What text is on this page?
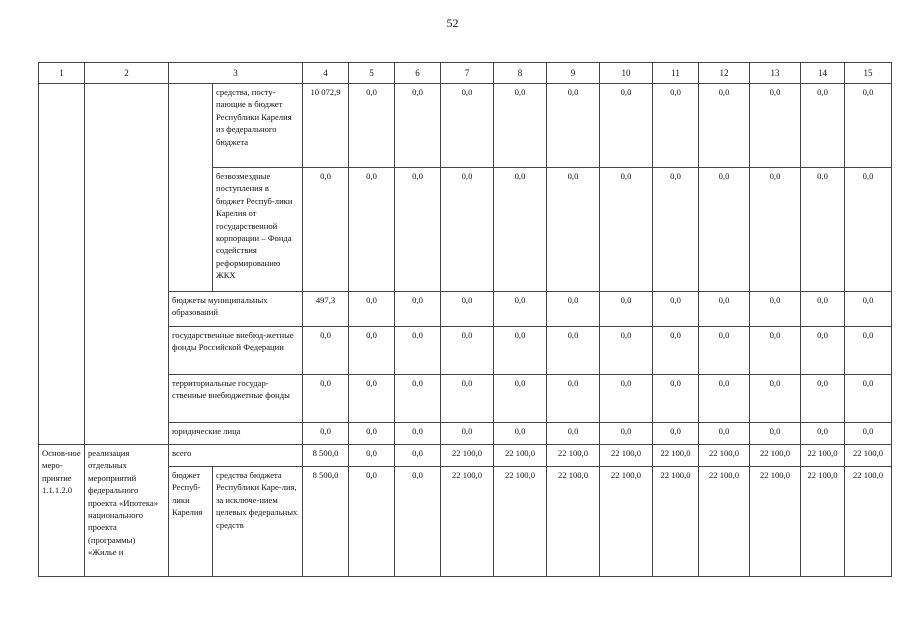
52
1	2	3		4	5	6	7	8	9	10	11	12	13	14	15
			средства, посту-пающие в бюджет Республики Карелия из федерального бюджета	10 072,9	0,0	0,0	0,0	0,0	0,0	0,0	0,0	0,0	0,0	0,0	0,0
			безвозмездные поступления в бюджет Респуб-лики Карелия от государственной корпорации – Фонда содействия реформированию ЖКХ	0,0	0,0	0,0	0,0	0,0	0,0	0,0	0,0	0,0	0,0	0,0	0,0
		бюджеты муниципальных образований		497,3	0,0	0,0	0,0	0,0	0,0	0,0	0,0	0,0	0,0	0,0	0,0
		государственные внебюд-жетные фонды Российской Федерации		0,0	0,0	0,0	0,0	0,0	0,0	0,0	0,0	0,0	0,0	0,0	0,0
		территориальные государ-ственные внебюджетные фонды		0,0	0,0	0,0	0,0	0,0	0,0	0,0	0,0	0,0	0,0	0,0	0,0
		юридические лица		0,0	0,0	0,0	0,0	0,0	0,0	0,0	0,0	0,0	0,0	0,0	0,0
Основ-ное меро-приятие 1.1.1.2.0	реализация отдельных мероприятий федерального проекта «Ипотека» национального проекта (программы) «Жилье и	всего		8 500,0	0,0	0,0	22 100,0	22 100,0	22 100,0	22 100,0	22 100,0	22 100,0	22 100,0	22 100,0	22 100,0
		бюджет Респуб-лики Карелия	средства бюджета Республики Каре-лия, за исключе-нием целевых федеральных средств	8 500,0	0,0	0,0	22 100,0	22 100,0	22 100,0	22 100,0	22 100,0	22 100,0	22 100,0	22 100,0	22 100,0
